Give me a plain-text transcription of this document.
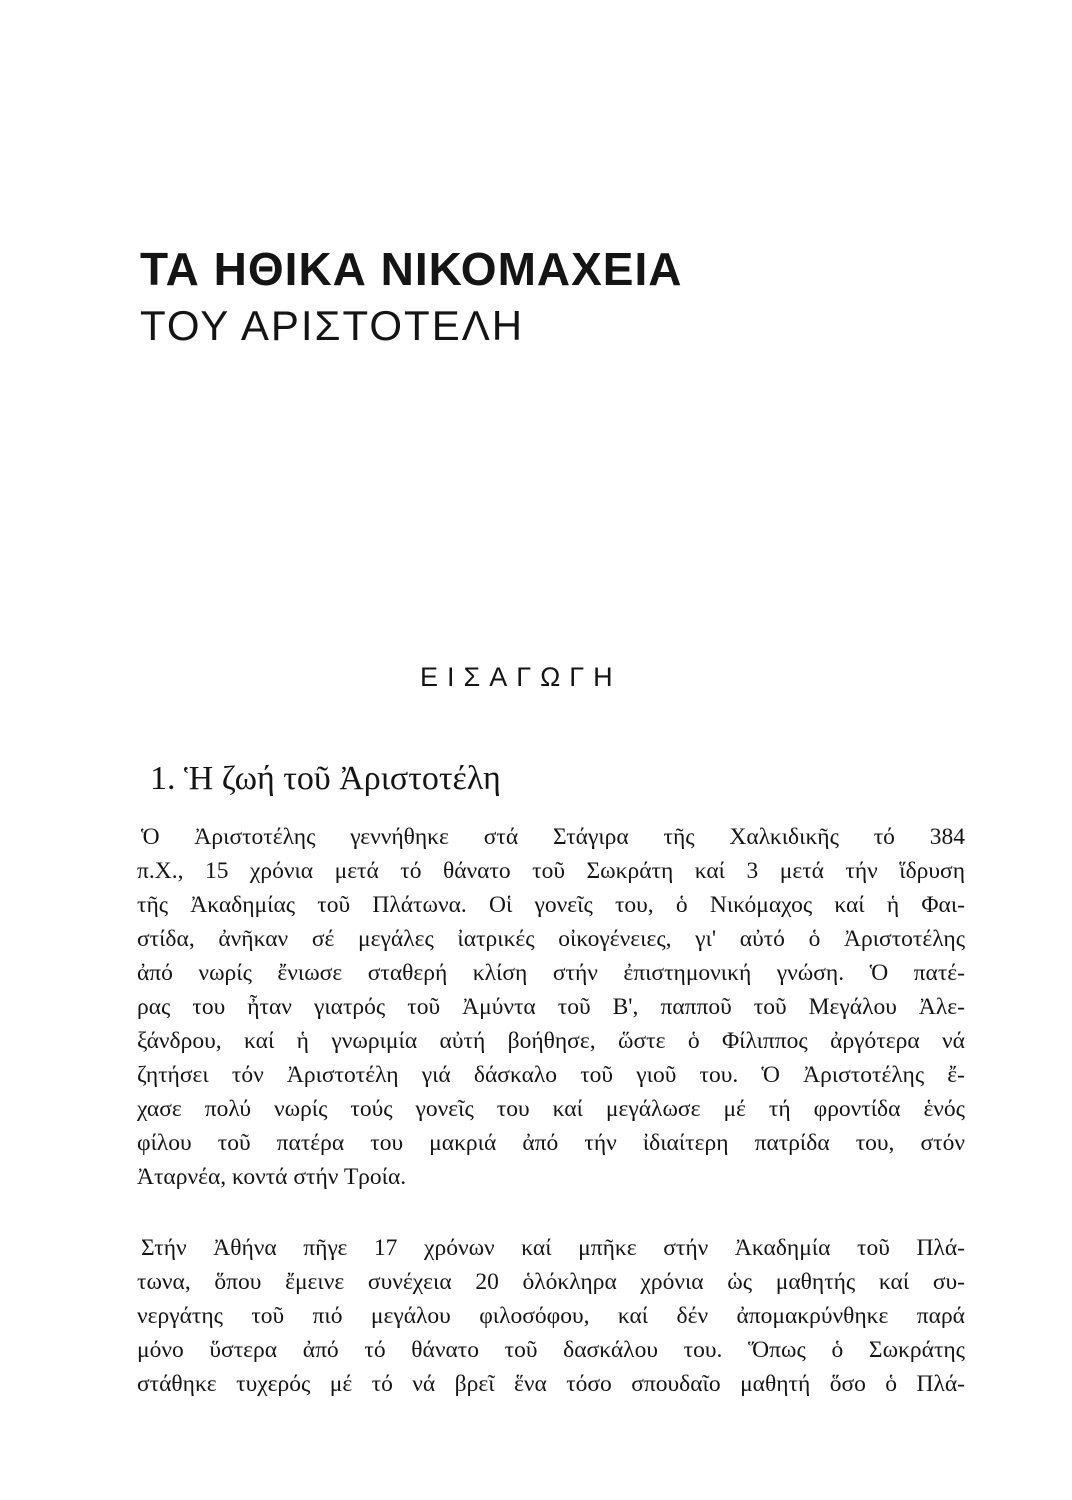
ΤΑ ΗΘΙΚΑ ΝΙΚΟΜΑΧΕΙΑ
ΤΟΥ ΑΡΙΣΤΟΤΕΛΗ
ΕΙΣΑΓΩΓΗ
1. Ἡ ζωή τοῦ Ἀριστοτέλη
Ὁ Ἀριστοτέλης γεννήθηκε στά Στάγιρα τῆς Χαλκιδικῆς τό 384
π.Χ., 15 χρόνια μετά τό θάνατο τοῦ Σωκράτη καί 3 μετά τήν ἵδρυση
τῆς Ἀκαδημίας τοῦ Πλάτωνα. Οἱ γονεῖς του, ὁ Νικόμαχος καί ἡ Φαι-
στίδα, ἀνῆκαν σέ μεγάλες ἰατρικές οἰκογένειες, γι' αὐτό ὁ Ἀριστοτέλης
ἀπό νωρίς ἔνιωσε σταθερή κλίση στήν ἐπιστημονική γνώση. Ὁ πατέ-
ρας του ἦταν γιατρός τοῦ Ἀμύντα τοῦ Β', παπποῦ τοῦ Μεγάλου Ἀλε-
ξάνδρου, καί ἡ γνωριμία αὐτή βοήθησε, ὥστε ὁ Φίλιππος ἀργότερα νά
ζητήσει τόν Ἀριστοτέλη γιά δάσκαλο τοῦ γιοῦ του. Ὁ Ἀριστοτέλης ἔ-
χασε πολύ νωρίς τούς γονεῖς του καί μεγάλωσε μέ τή φροντίδα ἑνός
φίλου τοῦ πατέρα του μακριά ἀπό τήν ἰδιαίτερη πατρίδα του, στόν
Ἀταρνέα, κοντά στήν Τροία.
Στήν Ἀθήνα πῆγε 17 χρόνων καί μπῆκε στήν Ἀκαδημία τοῦ Πλά-
τωνα, ὅπου ἔμεινε συνέχεια 20 ὁλόκληρα χρόνια ὡς μαθητής καί συ-
νεργάτης τοῦ πιό μεγάλου φιλοσόφου, καί δέν ἀπομακρύνθηκε παρά
μόνο ὕστερα ἀπό τό θάνατο τοῦ δασκάλου του. Ὅπως ὁ Σωκράτης
στάθηκε τυχερός μέ τό νά βρεῖ ἕνα τόσο σπουδαῖο μαθητή ὅσο ὁ Πλά-
